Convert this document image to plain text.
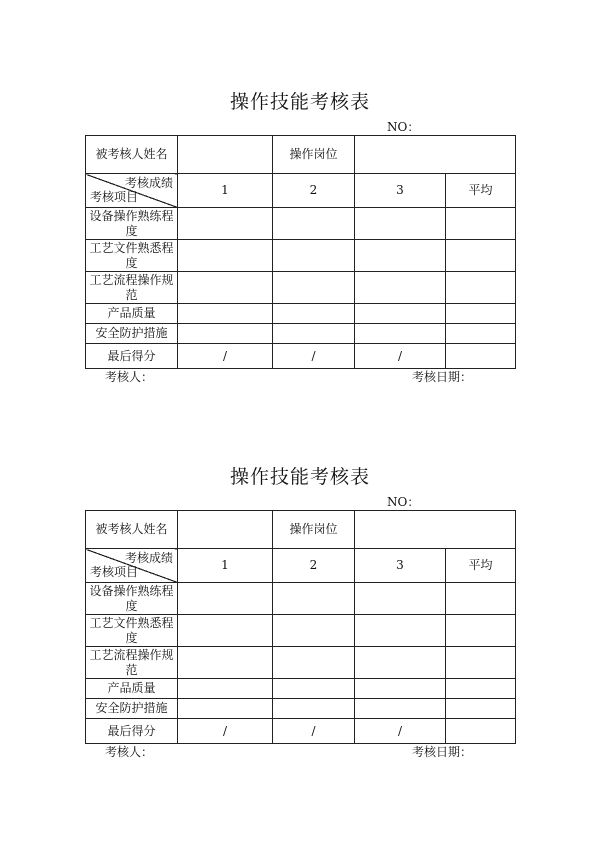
操作技能考核表
NO：
被考核人姓名		操作岗位		

考核成绩
考核项目	1	2	3	平均

设备操作熟练程度				

工艺文件熟悉程度				

工艺流程操作规范				

产品质量				

安全防护措施				

最后得分	/	/	/	
考核人：	考核日期：
操作技能考核表
NO：
被考核人姓名		操作岗位		

考核成绩
考核项目	1	2	3	平均

设备操作熟练程度				

工艺文件熟悉程度				

工艺流程操作规范				

产品质量				

安全防护措施				

最后得分	/	/	/	
考核人：	考核日期：
